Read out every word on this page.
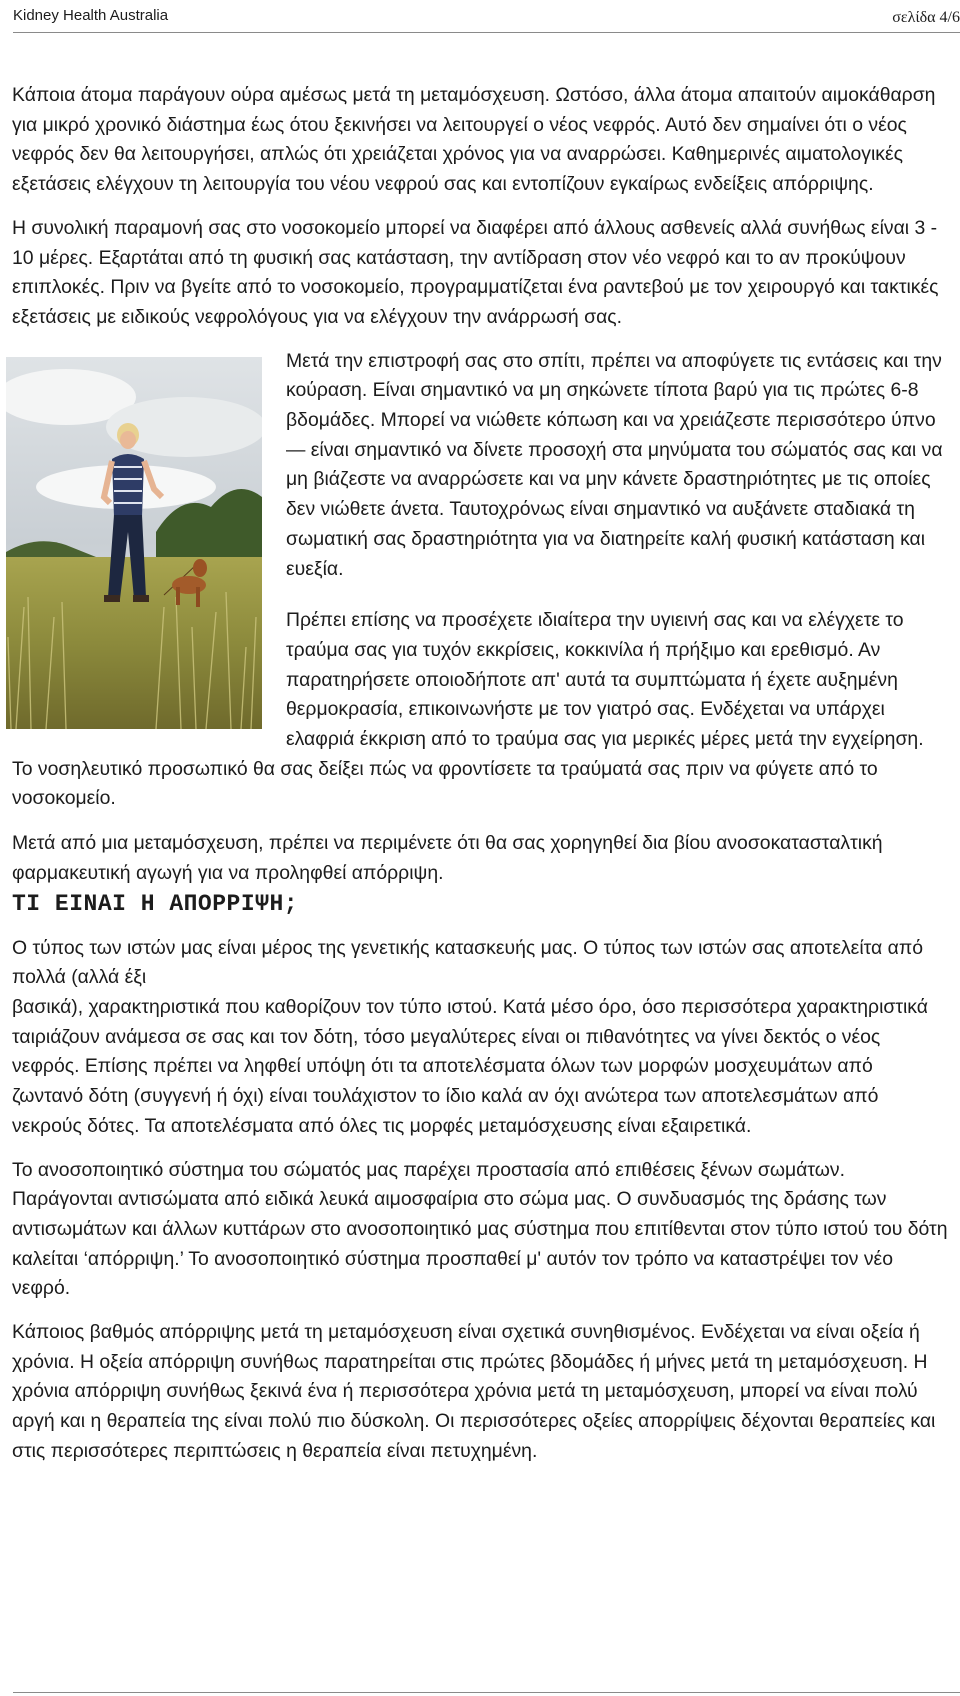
Kidney Health Australia	σελίδα 4/6

Κάποια άτομα παράγουν ούρα αμέσως μετά τη μεταμόσχευση. Ωστόσο, άλλα άτομα απαιτούν αιμοκάθαρση για μικρό χρονικό διάστημα έως ότου ξεκινήσει να λειτουργεί ο νέος νεφρός. Αυτό δεν σημαίνει ότι ο νέος νεφρός δεν θα λειτουργήσει, απλώς ότι χρειάζεται χρόνος για να αναρρώσει. Καθημερινές αιματολογικές εξετάσεις ελέγχουν τη λειτουργία του νέου νεφρού σας και εντοπίζουν εγκαίρως ενδείξεις απόρριψης.

Η συνολική παραμονή σας στο νοσοκομείο μπορεί να διαφέρει από άλλους ασθενείς αλλά συνήθως είναι 3 - 10 μέρες. Εξαρτάται από τη φυσική σας κατάσταση, την αντίδραση στον νέο νεφρό και το αν προκύψουν επιπλοκές. Πριν να βγείτε από το νοσοκομείο, προγραμματίζεται ένα ραντεβού με τον χειρουργό και τακτικές εξετάσεις με ειδικούς νεφρολόγους για να ελέγχουν την ανάρρωσή σας.

Μετά την επιστροφή σας στο σπίτι, πρέπει να αποφύγετε τις εντάσεις και την κούραση. Είναι σημαντικό να μη σηκώνετε τίποτα βαρύ για τις πρώτες 6-8 βδομάδες. Μπορεί να νιώθετε κόπωση και να χρειάζεστε περισσότερο ύπνο — είναι σημαντικό να δίνετε προσοχή στα μηνύματα του σώματός σας και να μη βιάζεστε να αναρρώσετε και να μην κάνετε δραστηριότητες με τις οποίες δεν νιώθετε άνετα. Ταυτοχρόνως είναι σημαντικό να αυξάνετε σταδιακά τη σωματική σας δραστηριότητα για να διατηρείτε καλή φυσική κατάσταση και ευεξία.

Πρέπει επίσης να προσέχετε ιδιαίτερα την υγιεινή σας και να ελέγχετε το τραύμα σας για τυχόν εκκρίσεις, κοκκινίλα ή πρήξιμο και ερεθισμό. Αν παρατηρήσετε οποιοδήποτε απ' αυτά τα συμπτώματα ή έχετε αυξημένη θερμοκρασία, επικοινωνήστε με τον γιατρό σας. Ενδέχεται να υπάρχει ελαφριά έκκριση από το τραύμα σας για μερικές μέρες μετά την εγχείρηση. Το νοσηλευτικό προσωπικό θα σας δείξει πώς να φροντίσετε τα τραύματά σας πριν να φύγετε από το νοσοκομείο.

Μετά από μια μεταμόσχευση, πρέπει να περιμένετε ότι θα σας χορηγηθεί δια βίου ανοσοκατασταλτική φαρμακευτική αγωγή για να προληφθεί απόρριψη.

ΤΙ ΕΙΝΑΙ Η ΑΠΟΡΡΙΨΗ;

Ο τύπος των ιστών μας είναι μέρος της γενετικής κατασκευής μας. Ο τύπος των ιστών σας αποτελείτα από πολλά (αλλά έξι

βασικά), χαρακτηριστικά που καθορίζουν τον τύπο ιστού. Κατά μέσο όρο, όσο περισσότερα χαρακτηριστικά ταιριάζουν ανάμεσα σε σας και τον δότη, τόσο μεγαλύτερες είναι οι πιθανότητες να γίνει δεκτός ο νέος νεφρός. Επίσης πρέπει να ληφθεί υπόψη ότι τα αποτελέσματα όλων των μορφών μοσχευμάτων από ζωντανό δότη (συγγενή ή όχι) είναι τουλάχιστον το ίδιο καλά αν όχι ανώτερα των αποτελεσμάτων από νεκρούς δότες. Τα αποτελέσματα από όλες τις μορφές μεταμόσχευσης είναι εξαιρετικά.

Το ανοσοποιητικό σύστημα του σώματός μας παρέχει προστασία από επιθέσεις ξένων σωμάτων. Παράγονται αντισώματα από ειδικά λευκά αιμοσφαίρια στο σώμα μας. Ο συνδυασμός της δράσης των αντισωμάτων και άλλων κυττάρων στο ανοσοποιητικό μας σύστημα που επιτίθενται στον τύπο ιστού του δότη καλείται ‘απόρριψη.’ Το ανοσοποιητικό σύστημα προσπαθεί μ' αυτόν τον τρόπο να καταστρέψει τον νέο νεφρό.

Κάποιος βαθμός απόρριψης μετά τη μεταμόσχευση είναι σχετικά συνηθισμένος. Ενδέχεται να είναι οξεία ή χρόνια. Η οξεία απόρριψη συνήθως παρατηρείται στις πρώτες βδομάδες ή μήνες μετά τη μεταμόσχευση. Η χρόνια απόρριψη συνήθως ξεκινά ένα ή περισσότερα χρόνια μετά τη μεταμόσχευση, μπορεί να είναι πολύ αργή και η θεραπεία της είναι πολύ πιο δύσκολη. Οι περισσότερες οξείες απορρίψεις δέχονται θεραπείες και στις περισσότερες περιπτώσεις η θεραπεία είναι πετυχημένη.
